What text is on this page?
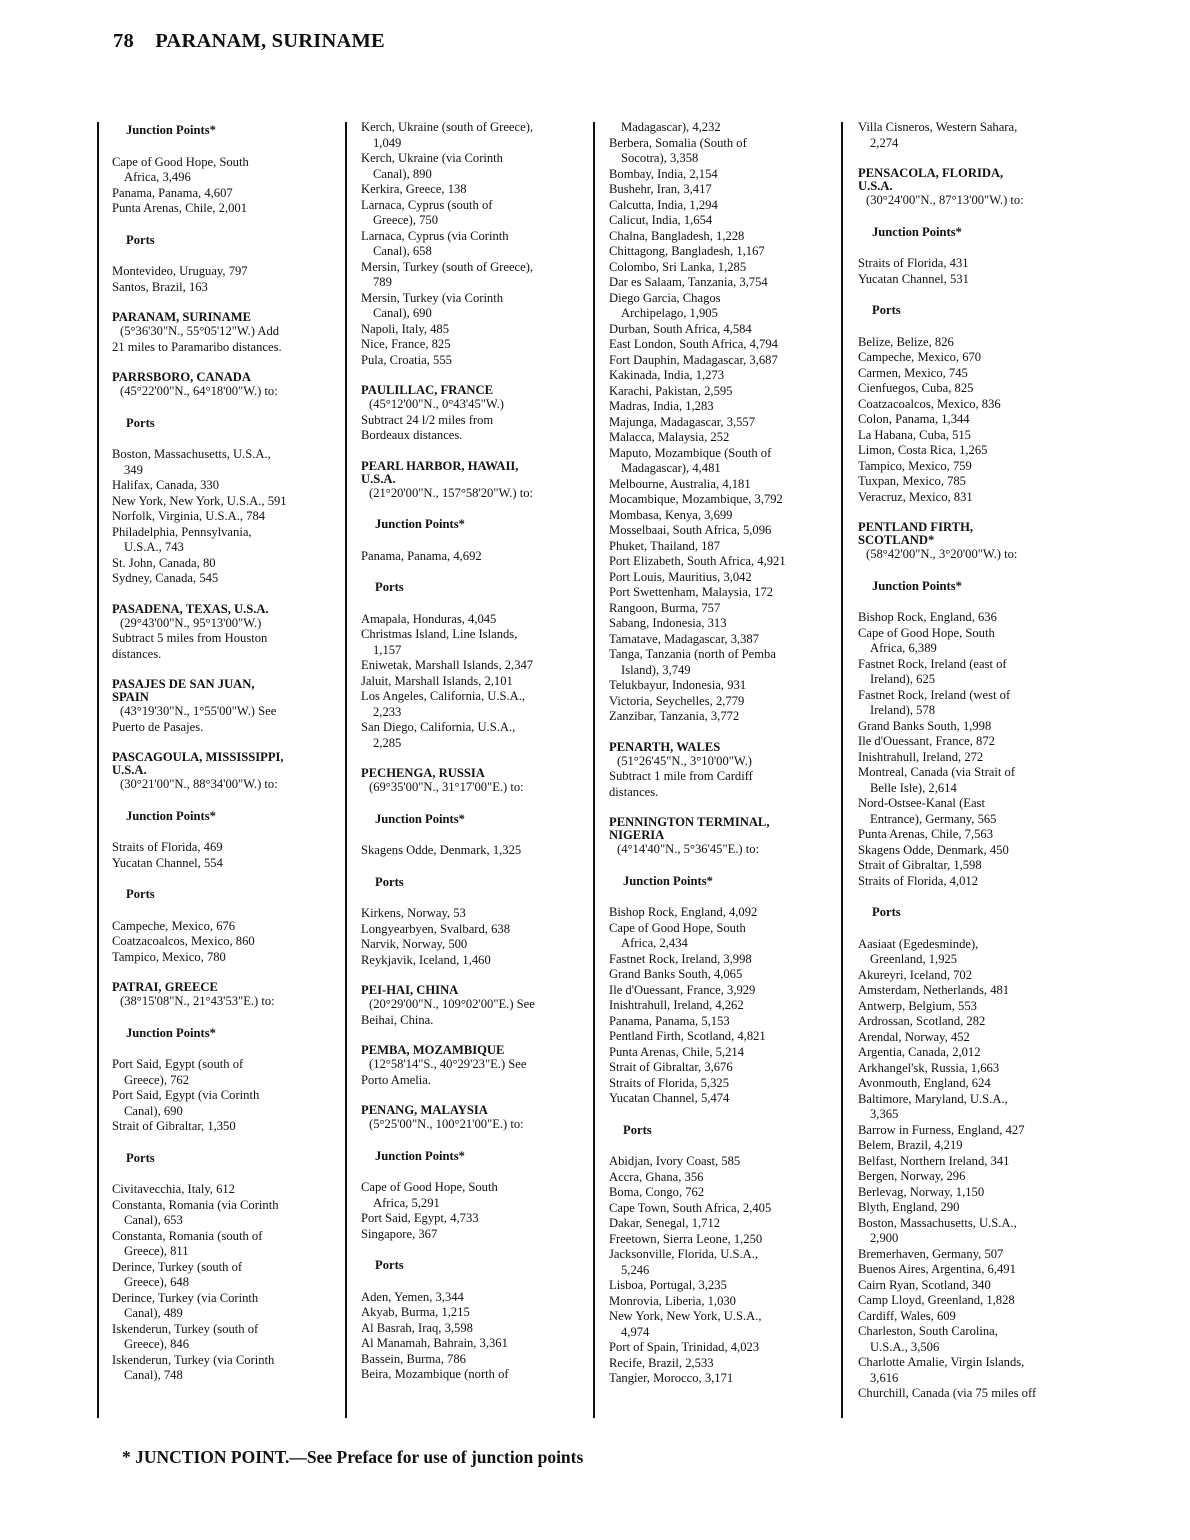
78 PARANAM, SURINAME
Junction Points*
Cape of Good Hope, South
Africa, 3,496
Panama, Panama, 4,607
Punta Arenas, Chile, 2,001
Ports
Montevideo, Uruguay, 797
Santos, Brazil, 163
PARANAM, SURINAME
(5°36'30"N., 55°05'12"W.) Add
21 miles to Paramaribo distances.
PARRSBORO, CANADA
(45°22'00"N., 64°18'00"W.) to:
Ports
Boston, Massachusetts, U.S.A.,
349
Halifax, Canada, 330
New York, New York, U.S.A., 591
Norfolk, Virginia, U.S.A., 784
Philadelphia, Pennsylvania,
U.S.A., 743
St. John, Canada, 80
Sydney, Canada, 545
PASADENA, TEXAS, U.S.A.
(29°43'00"N., 95°13'00"W.)
Subtract 5 miles from Houston
distances.
PASAJES DE SAN JUAN,
SPAIN
(43°19'30"N., 1°55'00"W.) See
Puerto de Pasajes.
PASCAGOULA, MISSISSIPPI,
U.S.A.
(30°21'00"N., 88°34'00"W.) to:
Junction Points*
Straits of Florida, 469
Yucatan Channel, 554
Ports
Campeche, Mexico, 676
Coatzacoalcos, Mexico, 860
Tampico, Mexico, 780
PATRAI, GREECE
(38°15'08"N., 21°43'53"E.) to:
Junction Points*
Port Said, Egypt (south of
Greece), 762
Port Said, Egypt (via Corinth
Canal), 690
Strait of Gibraltar, 1,350
Ports
Civitavecchia, Italy, 612
Constanta, Romania (via Corinth
Canal), 653
Constanta, Romania (south of
Greece), 811
Derince, Turkey (south of
Greece), 648
Derince, Turkey (via Corinth
Canal), 489
Iskenderun, Turkey (south of
Greece), 846
Iskenderun, Turkey (via Corinth
Canal), 748
Kerch, Ukraine (south of Greece),
1,049
Kerch, Ukraine (via Corinth
Canal), 890
Kerkira, Greece, 138
Larnaca, Cyprus (south of
Greece), 750
Larnaca, Cyprus (via Corinth
Canal), 658
Mersin, Turkey (south of Greece),
789
Mersin, Turkey (via Corinth
Canal), 690
Napoli, Italy, 485
Nice, France, 825
Pula, Croatia, 555
PAULILLAC, FRANCE
(45°12'00"N., 0°43'45"W.)
Subtract 24 l/2 miles from
Bordeaux distances.
PEARL HARBOR, HAWAII,
U.S.A.
(21°20'00"N., 157°58'20"W.) to:
Junction Points*
Panama, Panama, 4,692
Ports
Amapala, Honduras, 4,045
Christmas Island, Line Islands,
1,157
Eniwetak, Marshall Islands, 2,347
Jaluit, Marshall Islands, 2,101
Los Angeles, California, U.S.A.,
2,233
San Diego, California, U.S.A.,
2,285
PECHENGA, RUSSIA
(69°35'00"N., 31°17'00"E.) to:
Junction Points*
Skagens Odde, Denmark, 1,325
Ports
Kirkens, Norway, 53
Longyearbyen, Svalbard, 638
Narvik, Norway, 500
Reykjavik, Iceland, 1,460
PEI-HAI, CHINA
(20°29'00"N., 109°02'00"E.) See
Beihai, China.
PEMBA, MOZAMBIQUE
(12°58'14"S., 40°29'23"E.) See
Porto Amelia.
PENANG, MALAYSIA
(5°25'00"N., 100°21'00"E.) to:
Junction Points*
Cape of Good Hope, South
Africa, 5,291
Port Said, Egypt, 4,733
Singapore, 367
Ports
Aden, Yemen, 3,344
Akyab, Burma, 1,215
Al Basrah, Iraq, 3,598
Al Manamah, Bahrain, 3,361
Bassein, Burma, 786
Beira, Mozambique (north of
Madagascar), 4,232
Berbera, Somalia (South of
Socotra), 3,358
Bombay, India, 2,154
Bushehr, Iran, 3,417
Calcutta, India, 1,294
Calicut, India, 1,654
Chalna, Bangladesh, 1,228
Chittagong, Bangladesh, 1,167
Colombo, Sri Lanka, 1,285
Dar es Salaam, Tanzania, 3,754
Diego Garcia, Chagos
Archipelago, 1,905
Durban, South Africa, 4,584
East London, South Africa, 4,794
Fort Dauphin, Madagascar, 3,687
Kakinada, India, 1,273
Karachi, Pakistan, 2,595
Madras, India, 1,283
Majunga, Madagascar, 3,557
Malacca, Malaysia, 252
Maputo, Mozambique (South of
Madagascar), 4,481
Melbourne, Australia, 4,181
Mocambique, Mozambique, 3,792
Mombasa, Kenya, 3,699
Mosselbaai, South Africa, 5,096
Phuket, Thailand, 187
Port Elizabeth, South Africa, 4,921
Port Louis, Mauritius, 3,042
Port Swettenham, Malaysia, 172
Rangoon, Burma, 757
Sabang, Indonesia, 313
Tamatave, Madagascar, 3,387
Tanga, Tanzania (north of Pemba
Island), 3,749
Telukbayur, Indonesia, 931
Victoria, Seychelles, 2,779
Zanzibar, Tanzania, 3,772
PENARTH, WALES
(51°26'45"N., 3°10'00"W.)
Subtract 1 mile from Cardiff
distances.
PENNINGTON TERMINAL,
NIGERIA
(4°14'40"N., 5°36'45"E.) to:
Junction Points*
Bishop Rock, England, 4,092
Cape of Good Hope, South
Africa, 2,434
Fastnet Rock, Ireland, 3,998
Grand Banks South, 4,065
Ile d'Ouessant, France, 3,929
Inishtrahull, Ireland, 4,262
Panama, Panama, 5,153
Pentland Firth, Scotland, 4,821
Punta Arenas, Chile, 5,214
Strait of Gibraltar, 3,676
Straits of Florida, 5,325
Yucatan Channel, 5,474
Ports
Abidjan, Ivory Coast, 585
Accra, Ghana, 356
Boma, Congo, 762
Cape Town, South Africa, 2,405
Dakar, Senegal, 1,712
Freetown, Sierra Leone, 1,250
Jacksonville, Florida, U.S.A.,
5,246
Lisboa, Portugal, 3,235
Monrovia, Liberia, 1,030
New York, New York, U.S.A.,
4,974
Port of Spain, Trinidad, 4,023
Recife, Brazil, 2,533
Tangier, Morocco, 3,171
Villa Cisneros, Western Sahara,
2,274
PENSACOLA, FLORIDA,
U.S.A.
(30°24'00"N., 87°13'00"W.) to:
Junction Points*
Straits of Florida, 431
Yucatan Channel, 531
Ports
Belize, Belize, 826
Campeche, Mexico, 670
Carmen, Mexico, 745
Cienfuegos, Cuba, 825
Coatzacoalcos, Mexico, 836
Colon, Panama, 1,344
La Habana, Cuba, 515
Limon, Costa Rica, 1,265
Tampico, Mexico, 759
Tuxpan, Mexico, 785
Veracruz, Mexico, 831
PENTLAND FIRTH,
SCOTLAND*
(58°42'00"N., 3°20'00"W.) to:
Junction Points*
Bishop Rock, England, 636
Cape of Good Hope, South
Africa, 6,389
Fastnet Rock, Ireland (east of
Ireland), 625
Fastnet Rock, Ireland (west of
Ireland), 578
Grand Banks South, 1,998
Ile d'Ouessant, France, 872
Inishtrahull, Ireland, 272
Montreal, Canada (via Strait of
Belle Isle), 2,614
Nord-Ostsee-Kanal (East
Entrance), Germany, 565
Punta Arenas, Chile, 7,563
Skagens Odde, Denmark, 450
Strait of Gibraltar, 1,598
Straits of Florida, 4,012
Ports
Aasiaat (Egedesminde),
Greenland, 1,925
Akureyri, Iceland, 702
Amsterdam, Netherlands, 481
Antwerp, Belgium, 553
Ardrossan, Scotland, 282
Arendal, Norway, 452
Argentia, Canada, 2,012
Arkhangel'sk, Russia, 1,663
Avonmouth, England, 624
Baltimore, Maryland, U.S.A.,
3,365
Barrow in Furness, England, 427
Belem, Brazil, 4,219
Belfast, Northern Ireland, 341
Bergen, Norway, 296
Berlevag, Norway, 1,150
Blyth, England, 290
Boston, Massachusetts, U.S.A.,
2,900
Bremerhaven, Germany, 507
Buenos Aires, Argentina, 6,491
Cairn Ryan, Scotland, 340
Camp Lloyd, Greenland, 1,828
Cardiff, Wales, 609
Charleston, South Carolina,
U.S.A., 3,506
Charlotte Amalie, Virgin Islands,
3,616
Churchill, Canada (via 75 miles off
* JUNCTION POINT.—See Preface for use of junction points
